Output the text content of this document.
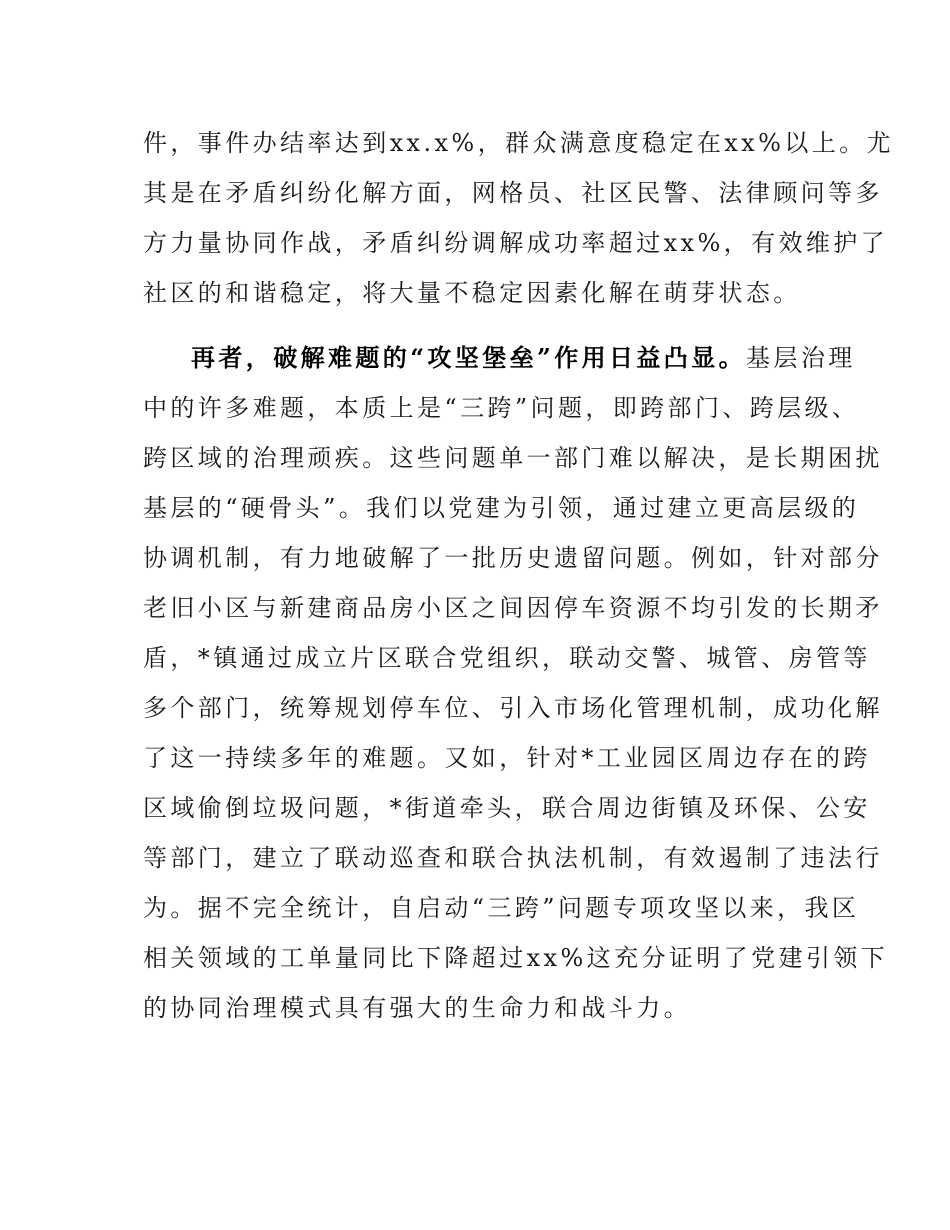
件，事件办结率达到xx.x%，群众满意度稳定在xx%以上。尤
其是在矛盾纠纷化解方面，网格员、社区民警、法律顾问等多
方力量协同作战，矛盾纠纷调解成功率超过xx%，有效维护了
社区的和谐稳定，将大量不稳定因素化解在萌芽状态。
再者，破解难题的“攻坚堡垒”作用日益凸显。基层治理
中的许多难题，本质上是“三跨”问题，即跨部门、跨层级、
跨区域的治理顽疾。这些问题单一部门难以解决，是长期困扰
基层的“硬骨头”。我们以党建为引领，通过建立更高层级的
协调机制，有力地破解了一批历史遗留问题。例如，针对部分
老旧小区与新建商品房小区之间因停车资源不均引发的长期矛
盾，*镇通过成立片区联合党组织，联动交警、城管、房管等
多个部门，统筹规划停车位、引入市场化管理机制，成功化解
了这一持续多年的难题。又如，针对*工业园区周边存在的跨
区域偷倒垃圾问题，*街道牵头，联合周边街镇及环保、公安
等部门，建立了联动巡查和联合执法机制，有效遏制了违法行
为。据不完全统计，自启动“三跨”问题专项攻坚以来，我区
相关领域的工单量同比下降超过xx%这充分证明了党建引领下
的协同治理模式具有强大的生命力和战斗力。
